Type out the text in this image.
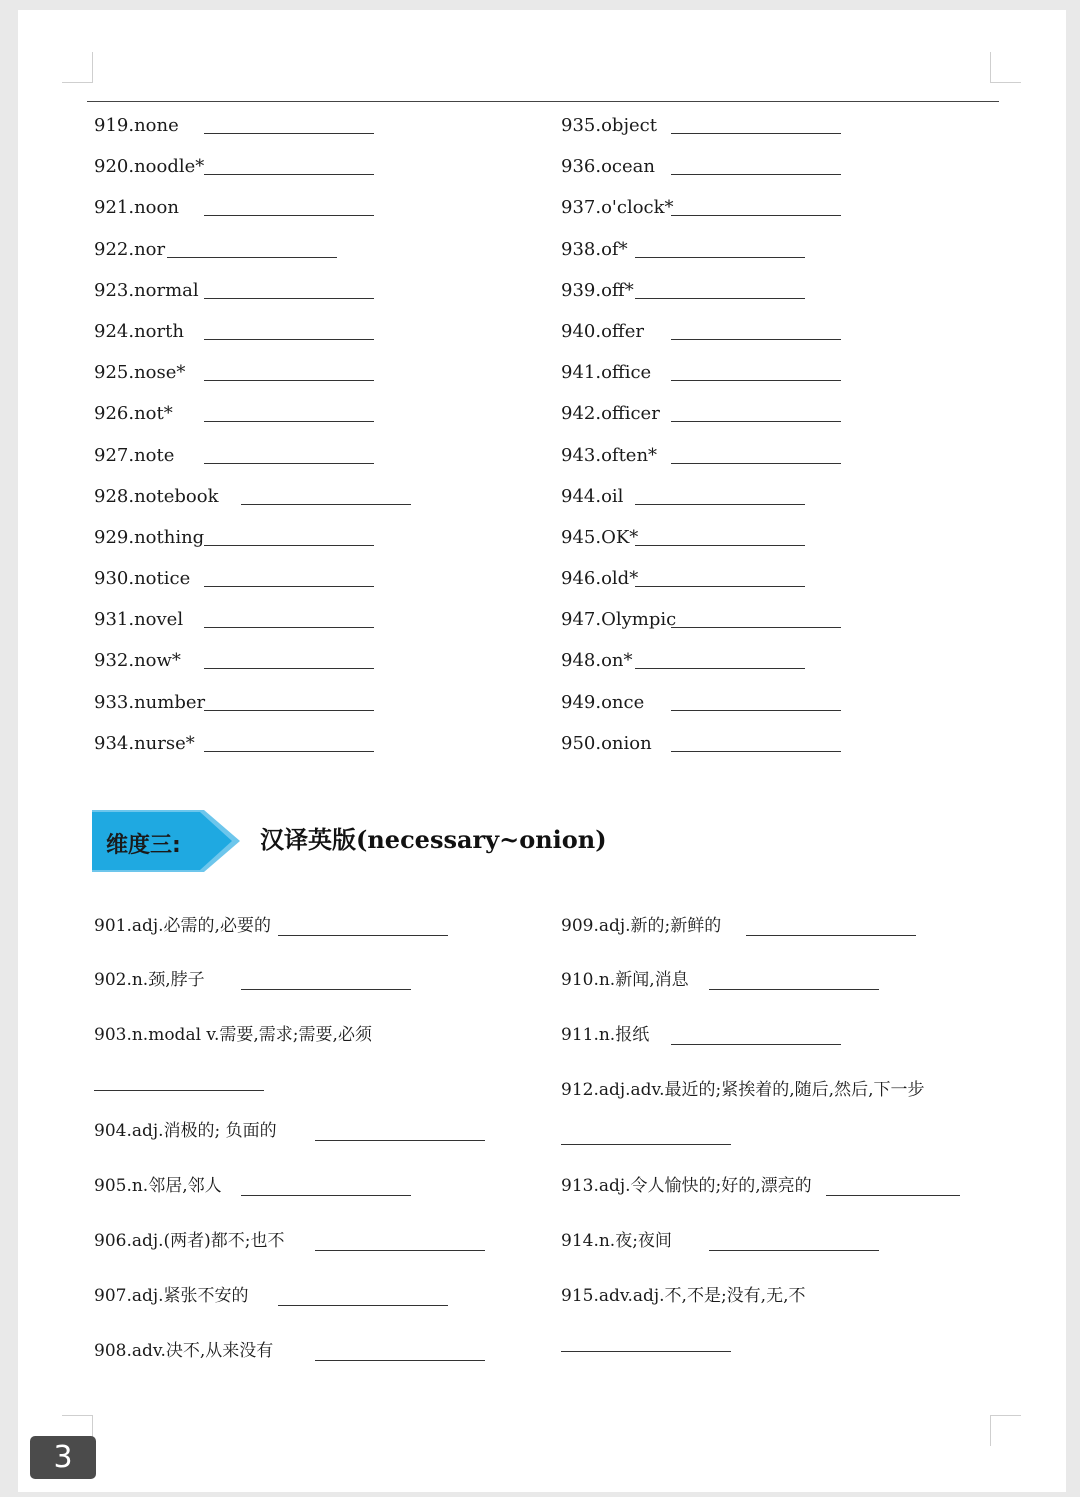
919.none
920.noodle*
921.noon
922.nor
923.normal
924.north
925.nose*
926.not*
927.note
928.notebook
929.nothing
930.notice
931.novel
932.now*
933.number
934.nurse*
935.object
936.ocean
937.o'clock*
938.of*
939.off*
940.offer
941.office
942.officer
943.often*
944.oil
945.OK*
946.old*
947.Olympic
948.on*
949.once
950.onion
维度三:	汉译英版(necessary~onion)
901.adj.必需的,必要的
902.n.颈,脖子
903.n.modal v.需要,需求;需要,必须
904.adj.消极的; 负面的
905.n.邻居,邻人
906.adj.(两者)都不;也不
907.adj.紧张不安的
908.adv.决不,从来没有
909.adj.新的;新鲜的
910.n.新闻,消息
911.n.报纸
912.adj.adv.最近的;紧挨着的,随后,然后,下一步
913.adj.令人愉快的;好的,漂亮的
914.n.夜;夜间
915.adv.adj.不,不是;没有,无,不
3
